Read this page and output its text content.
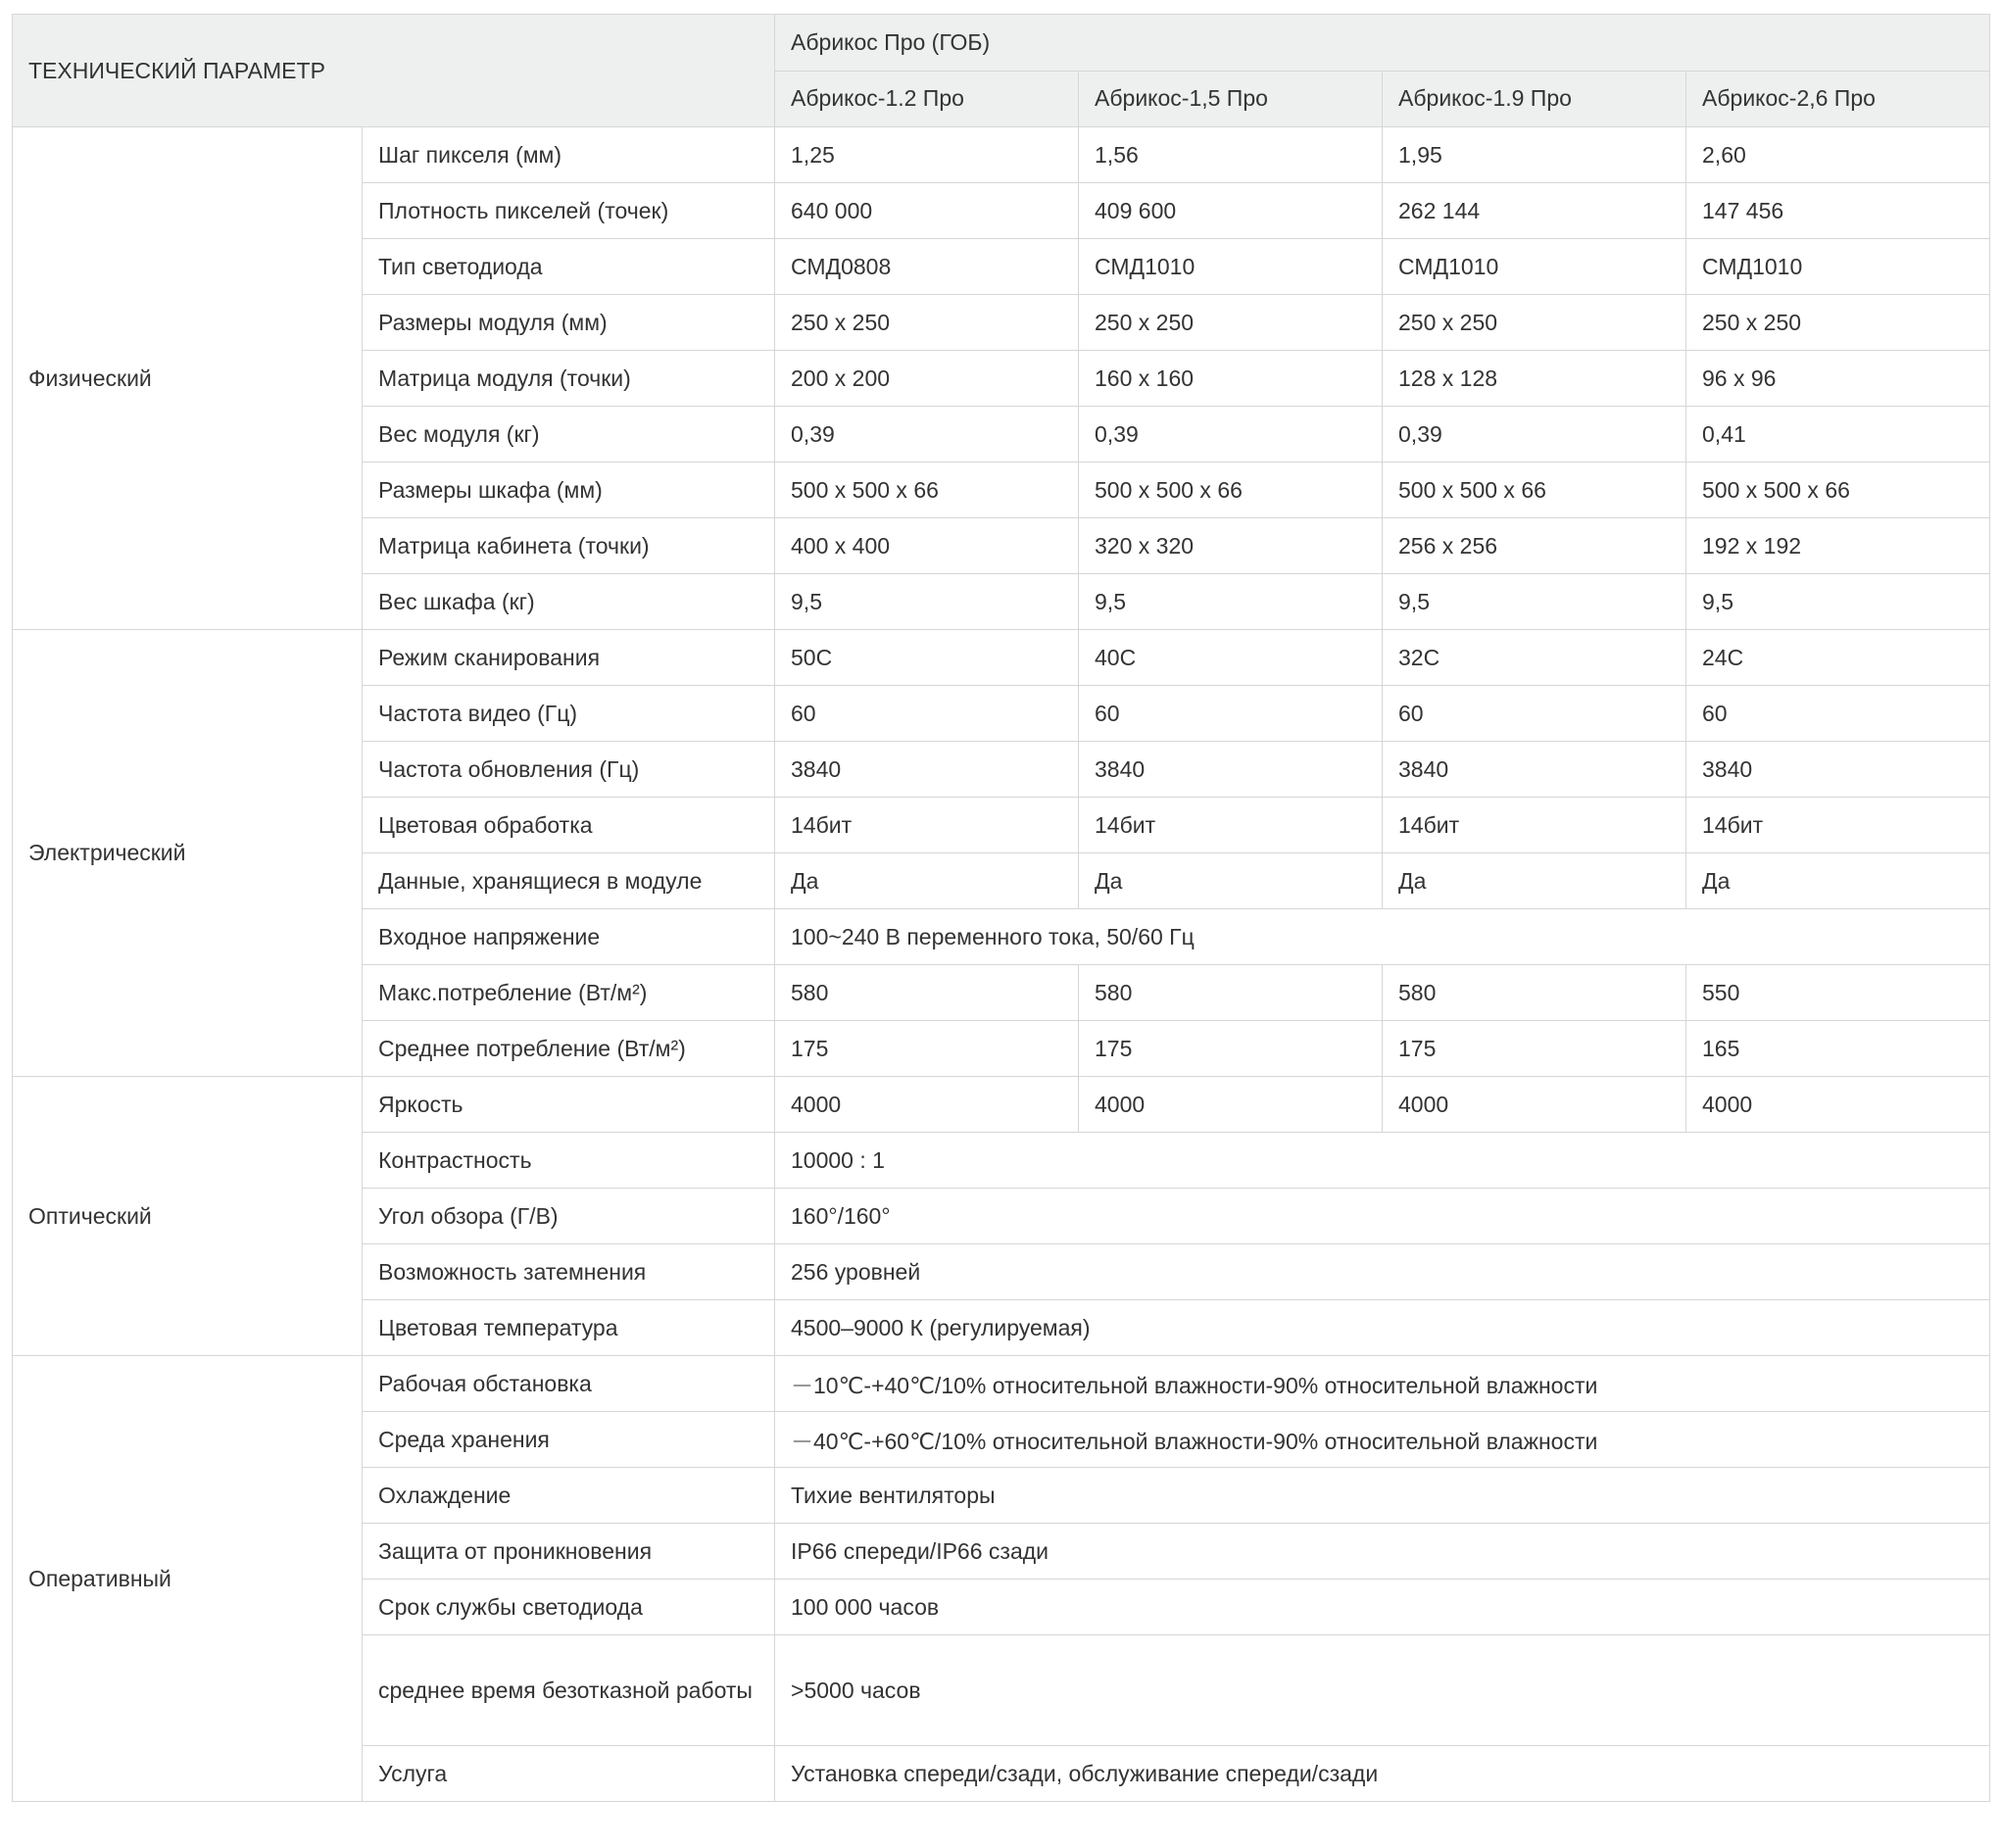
ТЕХНИЧЕСКИЙ ПАРАМЕТР		Абрикос Про (ГОБ)			
		Абрикос-1.2 Про	Абрикос-1,5 Про	Абрикос-1.9 Про	Абрикос-2,6 Про
Физический	Шаг пикселя (мм)	1,25	1,56	1,95	2,60
	Плотность пикселей (точек)	640 000	409 600	262 144	147 456
	Тип светодиода	СМД0808	СМД1010	СМД1010	СМД1010
	Размеры модуля (мм)	250 x 250	250 x 250	250 x 250	250 x 250
	Матрица модуля (точки)	200 x 200	160 x 160	128 x 128	96 x 96
	Вес модуля (кг)	0,39	0,39	0,39	0,41
	Размеры шкафа (мм)	500 x 500 x 66	500 x 500 x 66	500 x 500 x 66	500 x 500 x 66
	Матрица кабинета (точки)	400 x 400	320 x 320	256 x 256	192 x 192
	Вес шкафа (кг)	9,5	9,5	9,5	9,5
Электрический	Режим сканирования	50С	40С	32С	24С
	Частота видео (Гц)	60	60	60	60
	Частота обновления (Гц)	3840	3840	3840	3840
	Цветовая обработка	14бит	14бит	14бит	14бит
	Данные, хранящиеся в модуле	Да	Да	Да	Да
	Входное напряжение	100~240 В переменного тока, 50/60 Гц			
	Макс.потребление (Вт/м²)	580	580	580	550
	Среднее потребление (Вт/м²)	175	175	175	165
Оптический	Яркость	4000	4000	4000	4000
	Контрастность	10000 : 1			
	Угол обзора (Г/В)	160°/160°			
	Возможность затемнения	256 уровней			
	Цветовая температура	4500–9000 К (регулируемая)			
Оперативный	Рабочая обстановка	－10℃-+40℃/10% относительной влажности-90% относительной влажности			
	Среда хранения	－40℃-+60℃/10% относительной влажности-90% относительной влажности			
	Охлаждение	Тихие вентиляторы			
	Защита от проникновения	IP66 спереди/IP66 сзади			
	Срок службы светодиода	100 000 часов			
	среднее время безотказной работы	>5000 часов			
	Услуга	Установка спереди/сзади, обслуживание спереди/сзади			
